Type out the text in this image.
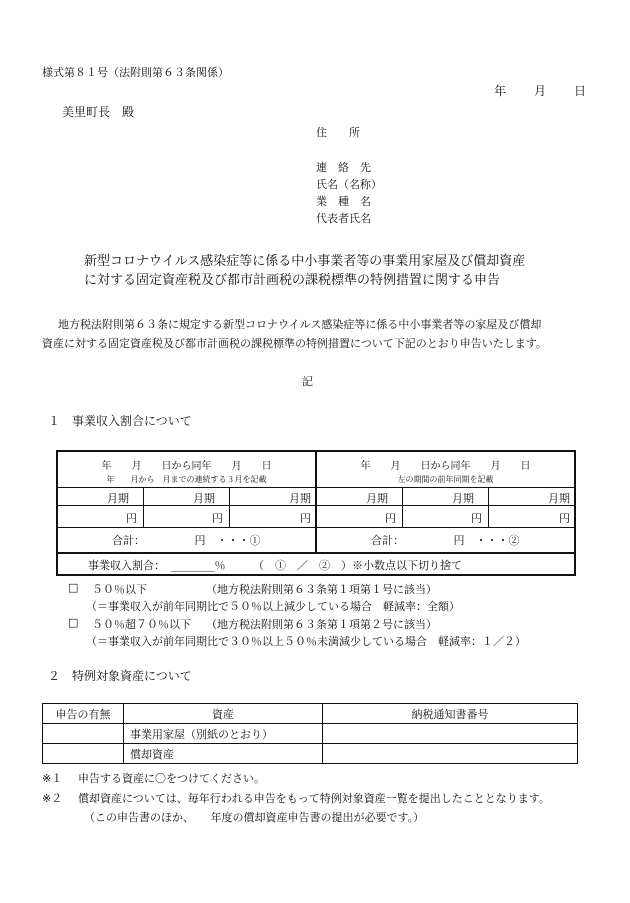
様式第８１号（法附則第６３条関係）
年 月 日
美里町長　殿
住　　所
連　絡　先
氏名（名称）
業　種　名
代表者氏名
新型コロナウイルス感染症等に係る中小事業者等の事業用家屋及び償却資産
に対する固定資産税及び都市計画税の課税標準の特例措置に関する申告
地方税法附則第６３条に規定する新型コロナウイルス感染症等に係る中小事業者等の家屋及び償却
資産に対する固定資産税及び都市計画税の課税標準の特例措置について下記のとおり申告いたします。
記
１　事業収入割合について
年　　月　　日から同年　　月　　日
年　　月から　月までの連続する３月を記載
月期	月期	月期
円	円	円
合計：　　　　　円　・・・①
年　　月　　日から同年　　月　　日
左の期間の前年同期を記載
月期	月期	月期
円	円	円
合計：　　　　　円　・・・②
事業収入割合：　________％　　　（　①　／　②　）※小数点以下切り捨て
□ ５０％以下	（地方税法附則第６３条第１項第１号に該当）
（＝事業収入が前年同期比で５０％以上減少している場合　軽減率：全額）
□ ５０％超７０％以下 （地方税法附則第６３条第１項第２号に該当）
（＝事業収入が前年同期比で３０％以上５０％未満減少している場合　軽減率：１／２）
２　特例対象資産について
申告の有無	資産	納税通知書番号
	事業用家屋（別紙のとおり）	
	償却資産	
※１ 申告する資産に〇をつけてください。
※２ 償却資産については、毎年行われる申告をもって特例対象資産一覧を提出したこととなります。
（この申告書のほか、　　年度の償却資産申告書の提出が必要です。）
